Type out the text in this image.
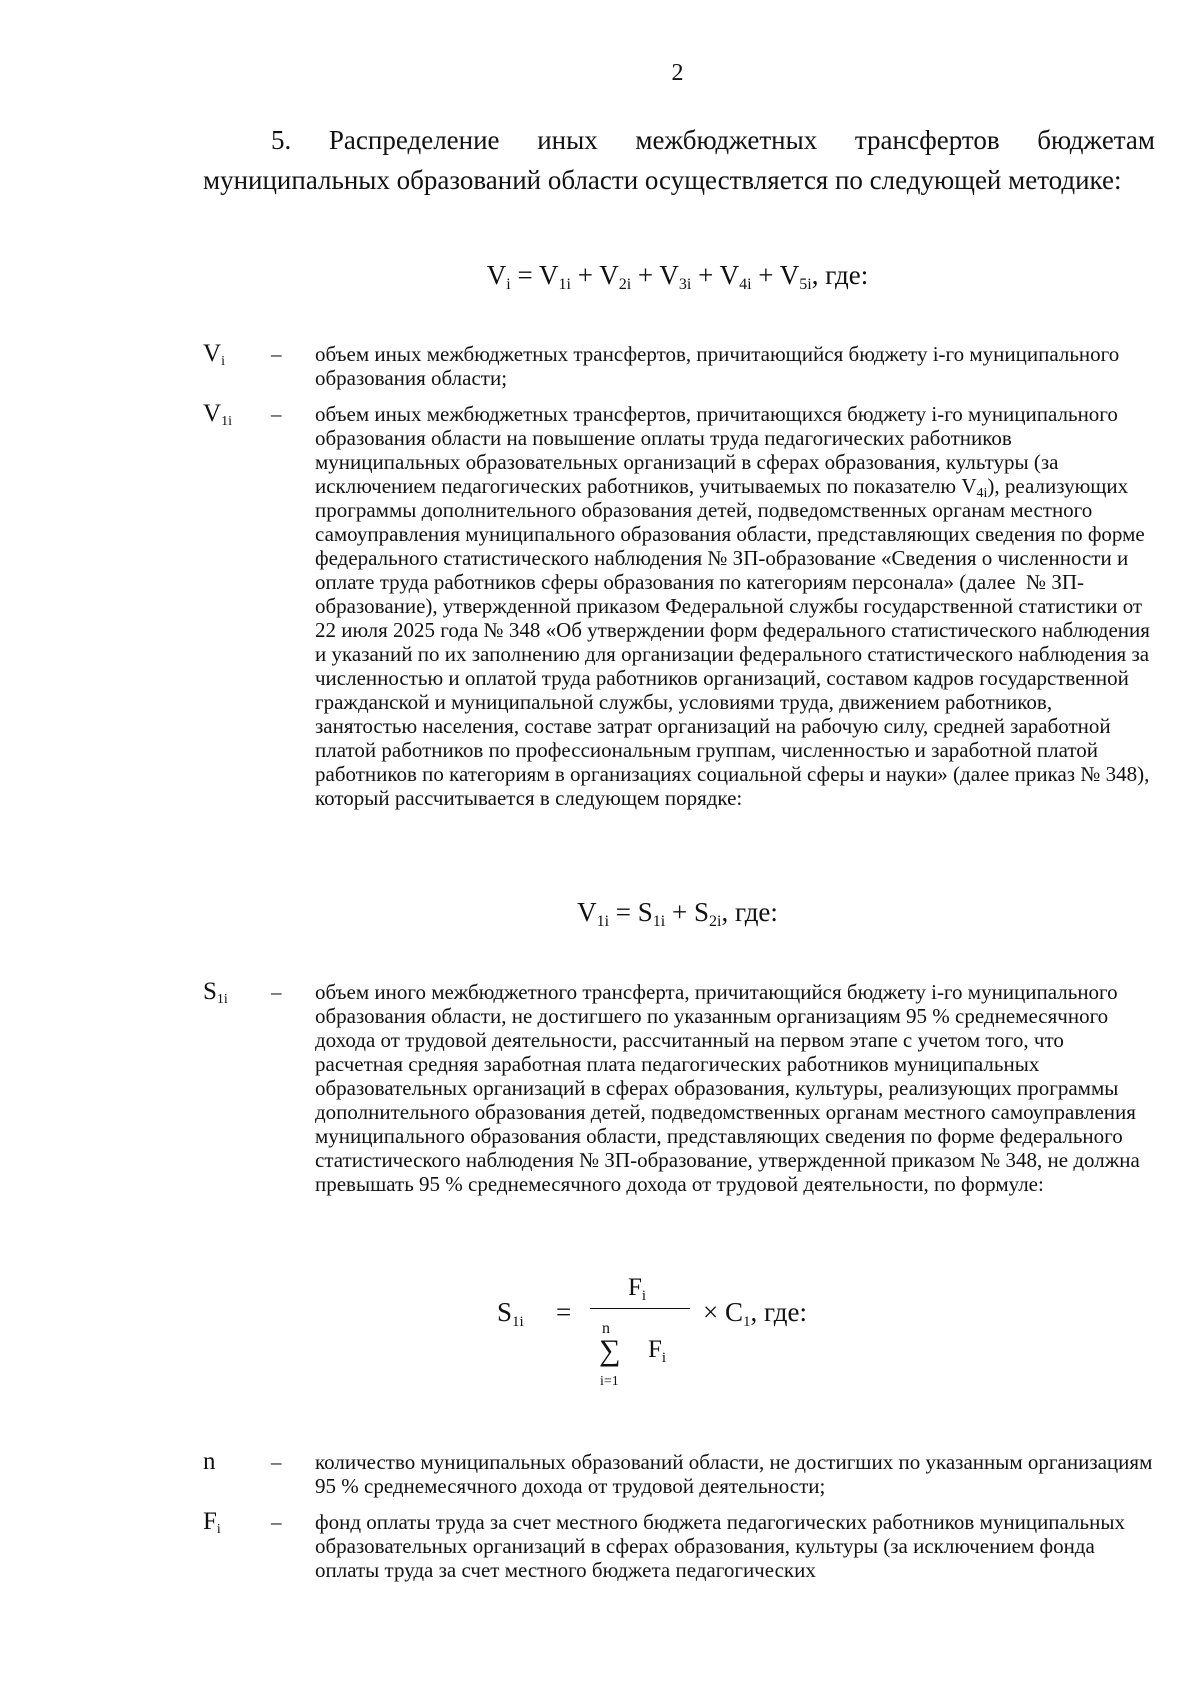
2

5. Распределение иных межбюджетных трансфертов бюджетам муниципальных образований области осуществляется по следующей методике:

$V_i = V_{1i} + V_{2i} + V_{3i} + V_{4i} + V_{5i}$, где:
$V_i$ – объем иных межбюджетных трансфертов, причитающийся бюджету i-го муниципального образования области;

$V_{1i}$ – объем иных межбюджетных трансфертов, причитающихся бюджету i-го муниципального образования области на повышение оплаты труда педагогических работников муниципальных образовательных организаций в сферах образования, культуры (за исключением педагогических работников, учитываемых по показателю $V_{4i}$), реализующих программы дополнительного образования детей, подведомственных органам местного самоуправления муниципального образования области, представляющих сведения по форме федерального статистического наблюдения № ЗП-образование «Сведения о численности и оплате труда работников сферы образования по категориям персонала» (далее  № ЗП-образование), утвержденной приказом Федеральной службы государственной статистики от 22 июля 2025 года № 348 «Об утверждении форм федерального статистического наблюдения и указаний по их заполнению для организации федерального статистического наблюдения за численностью и оплатой труда работников организаций, составом кадров государственной гражданской и муниципальной службы, условиями труда, движением работников, занятостью населения, составе затрат организаций на рабочую силу, средней заработной платой работников по профессиональным группам, численностью и заработной платой работников по категориям в организациях социальной сферы и науки» (далее приказ № 348), который рассчитывается в следующем порядке:

$V_{1i} = S_{1i} + S_{2i}$, где:
$S_{1i}$ – объем иного межбюджетного трансферта, причитающийся бюджету i-го муниципального образования области, не достигшего по указанным организациям 95 % среднемесячного дохода от трудовой деятельности, рассчитанный на первом этапе с учетом того, что расчетная средняя заработная плата педагогических работников муниципальных образовательных организаций в сферах образования, культуры, реализующих программы дополнительного образования детей, подведомственных органам местного самоуправления муниципального образования области, представляющих сведения по форме федерального статистического наблюдения № ЗП-образование, утвержденной приказом № 348, не должна превышать 95 % среднемесячного дохода от трудовой деятельности, по формуле:

$S_{1i}$ =
$F_i$
n
∑ $F_i$
i=1
× $C_1$, где:
n	– количество муниципальных образований области, не достигших по указанным организациям 95 % среднемесячного дохода от трудовой деятельности;

$F_i$ – фонд оплаты труда за счет местного бюджета педагогических работников муниципальных образовательных организаций в сферах образования, культуры (за исключением фонда оплаты труда за счет местного бюджета педагогических
